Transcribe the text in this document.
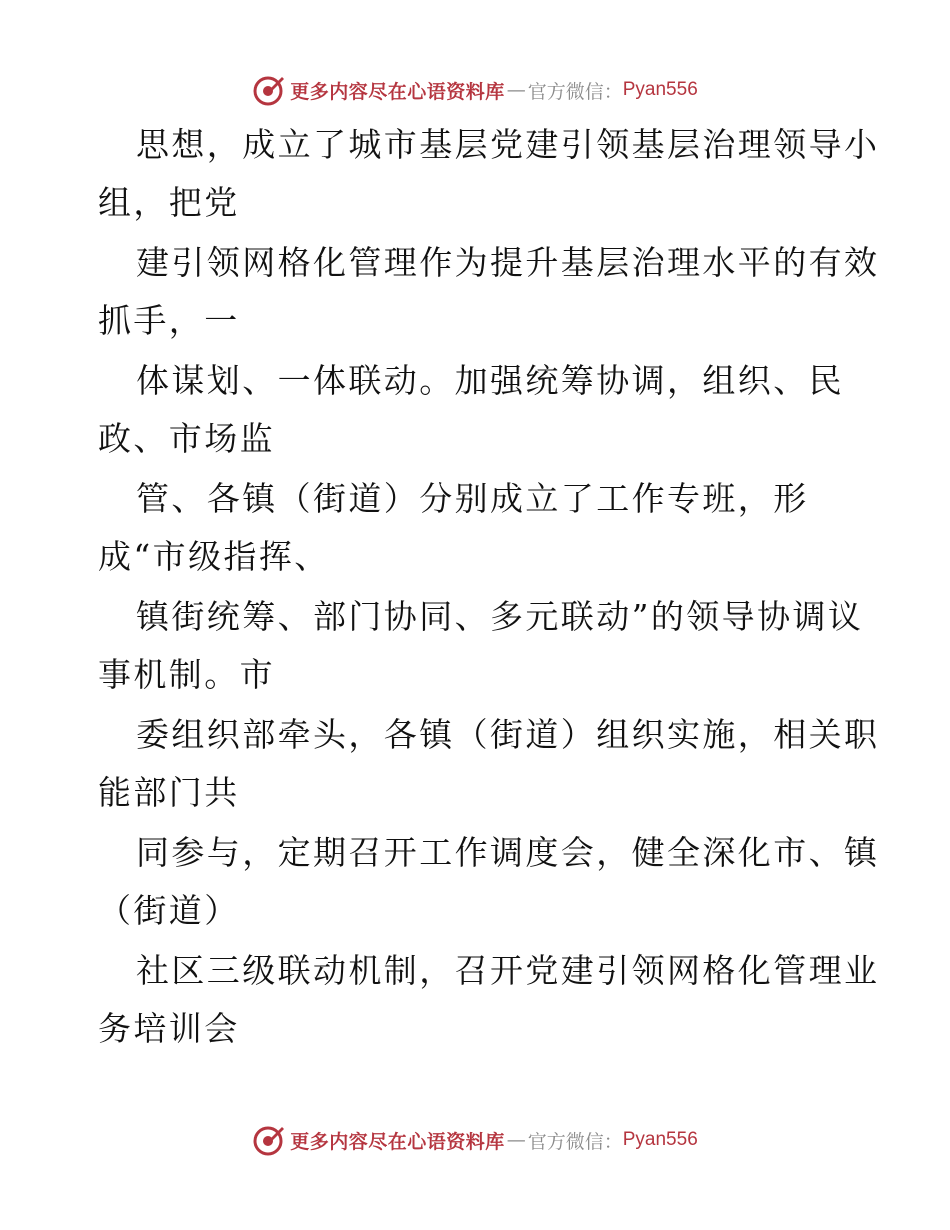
更多内容尽在心语资料库 — 官方微信： Pyan556
思想，成立了城市基层党建引领基层治理领导小
组，把党
建引领网格化管理作为提升基层治理水平的有效
抓手，一
体谋划、一体联动。加强统筹协调，组织、民
政、市场监
管、各镇（街道）分别成立了工作专班，形
成“市级指挥、
镇街统筹、部门协同、多元联动”的领导协调议
事机制。市
委组织部牵头，各镇（街道）组织实施，相关职
能部门共
同参与，定期召开工作调度会，健全深化市、镇
（街道）
社区三级联动机制，召开党建引领网格化管理业
务培训会
更多内容尽在心语资料库 — 官方微信： Pyan556
